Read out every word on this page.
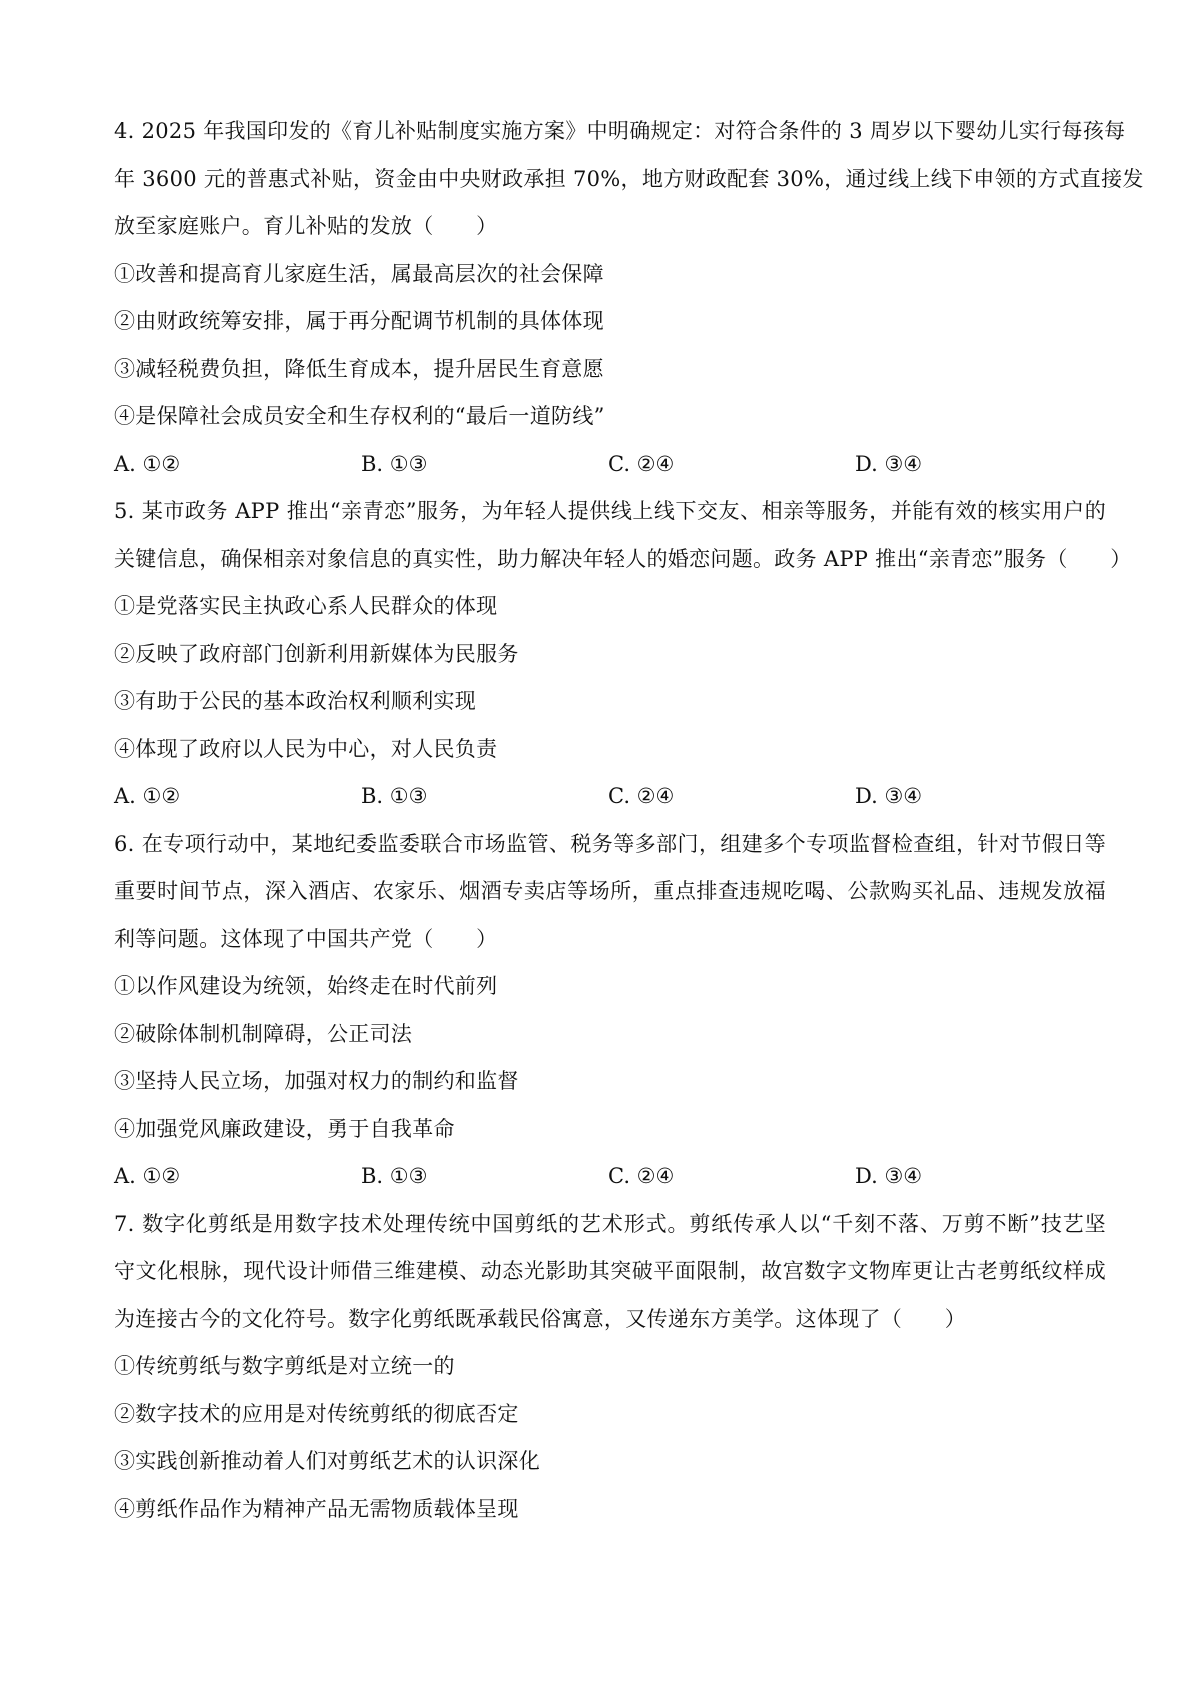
4. 2025 年我国印发的《育儿补贴制度实施方案》中明确规定：对符合条件的 3 周岁以下婴幼儿实行每孩每
年 3600 元的普惠式补贴，资金由中央财政承担 70%，地方财政配套 30%，通过线上线下申领的方式直接发
放至家庭账户。育儿补贴的发放（　　）
①改善和提高育儿家庭生活，属最高层次的社会保障
②由财政统筹安排，属于再分配调节机制的具体体现
③减轻税费负担，降低生育成本，提升居民生育意愿
④是保障社会成员安全和生存权利的“最后一道防线”
A. ①②	B. ①③	C. ②④	D. ③④
5. 某市政务 APP 推出“亲青恋”服务，为年轻人提供线上线下交友、相亲等服务，并能有效的核实用户的
关键信息，确保相亲对象信息的真实性，助力解决年轻人的婚恋问题。政务 APP 推出“亲青恋”服务（　　）
①是党落实民主执政心系人民群众的体现
②反映了政府部门创新利用新媒体为民服务
③有助于公民的基本政治权利顺利实现
④体现了政府以人民为中心，对人民负责
A. ①②	B. ①③	C. ②④	D. ③④
6. 在专项行动中，某地纪委监委联合市场监管、税务等多部门，组建多个专项监督检查组，针对节假日等
重要时间节点，深入酒店、农家乐、烟酒专卖店等场所，重点排查违规吃喝、公款购买礼品、违规发放福
利等问题。这体现了中国共产党（　　）
①以作风建设为统领，始终走在时代前列
②破除体制机制障碍，公正司法
③坚持人民立场，加强对权力的制约和监督
④加强党风廉政建设，勇于自我革命
A. ①②	B. ①③	C. ②④	D. ③④
7. 数字化剪纸是用数字技术处理传统中国剪纸的艺术形式。剪纸传承人以“千刻不落、万剪不断”技艺坚
守文化根脉，现代设计师借三维建模、动态光影助其突破平面限制，故宫数字文物库更让古老剪纸纹样成
为连接古今的文化符号。数字化剪纸既承载民俗寓意，又传递东方美学。这体现了（　　）
①传统剪纸与数字剪纸是对立统一的
②数字技术的应用是对传统剪纸的彻底否定
③实践创新推动着人们对剪纸艺术的认识深化
④剪纸作品作为精神产品无需物质载体呈现
